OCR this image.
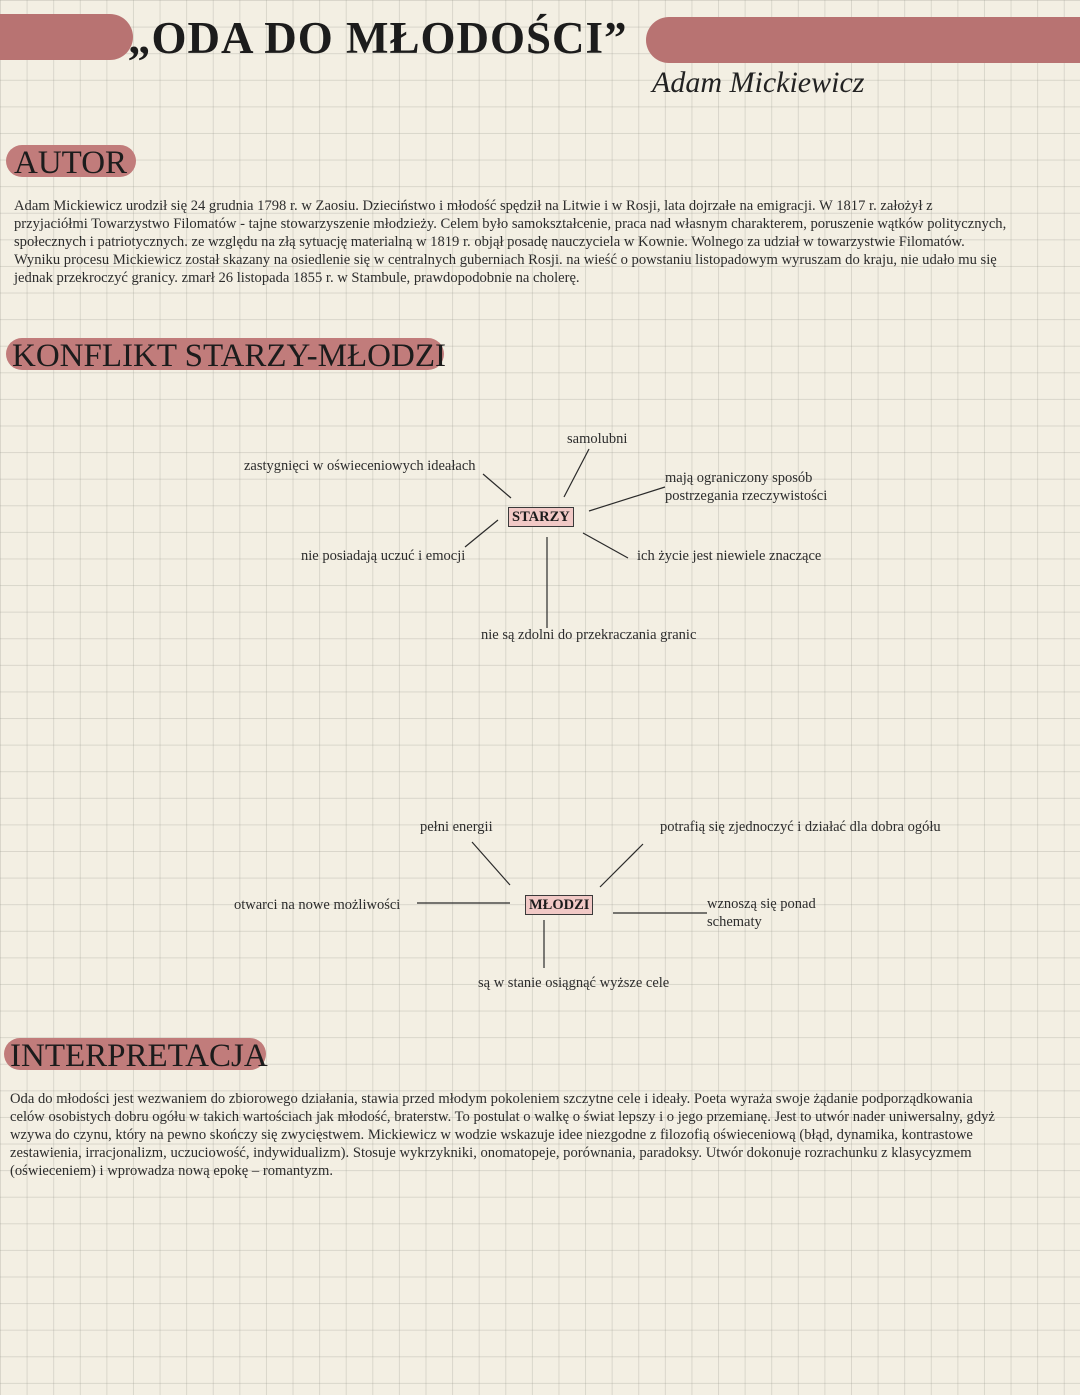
„ODA DO MŁODOŚCI”
Adam Mickiewicz
AUTOR
Adam Mickiewicz urodził się 24 grudnia 1798 r. w Zaosiu. Dzieciństwo i młodość spędził na Litwie i w Rosji, lata dojrzałe na emigracji. W 1817 r. założył z
przyjaciółmi Towarzystwo Filomatów - tajne stowarzyszenie młodzieży. Celem było samokształcenie, praca nad własnym charakterem, poruszenie wątków politycznych,
społecznych i patriotycznych. ze względu na złą sytuację materialną w 1819 r. objął posadę nauczyciela w Kownie. Wolnego za udział w towarzystwie Filomatów.
Wyniku procesu Mickiewicz został skazany na osiedlenie się w centralnych guberniach Rosji. na wieść o powstaniu listopadowym wyruszam do kraju, nie udało mu się
jednak przekroczyć granicy. zmarł 26 listopada 1855 r. w Stambule, prawdopodobnie na cholerę.
KONFLIKT STARZY-MŁODZI
STARZY
samolubni
zastygnięci w oświeceniowych ideałach
mają ograniczony sposób
postrzegania rzeczywistości
nie posiadają uczuć i emocji	ich życie jest niewiele znaczące
nie są zdolni do przekraczania granic
MŁODZI
pełni energii	potrafią się zjednoczyć i działać dla dobra ogółu
otwarci na nowe możliwości	wznoszą się ponad
schematy
są w stanie osiągnąć wyższe cele
INTERPRETACJA
Oda do młodości jest wezwaniem do zbiorowego działania, stawia przed młodym pokoleniem szczytne cele i ideały. Poeta wyraża swoje żądanie podporządkowania
celów osobistych dobru ogółu w takich wartościach jak młodość, braterstw. To postulat o walkę o świat lepszy i o jego przemianę. Jest to utwór nader uniwersalny, gdyż
wzywa do czynu, który na pewno skończy się zwycięstwem. Mickiewicz w wodzie wskazuje idee niezgodne z filozofią oświeceniową (błąd, dynamika, kontrastowe
zestawienia, irracjonalizm, uczuciowość, indywidualizm). Stosuje wykrzykniki, onomatopeje, porównania, paradoksy. Utwór dokonuje rozrachunku z klasycyzmem
(oświeceniem) i wprowadza nową epokę – romantyzm.
